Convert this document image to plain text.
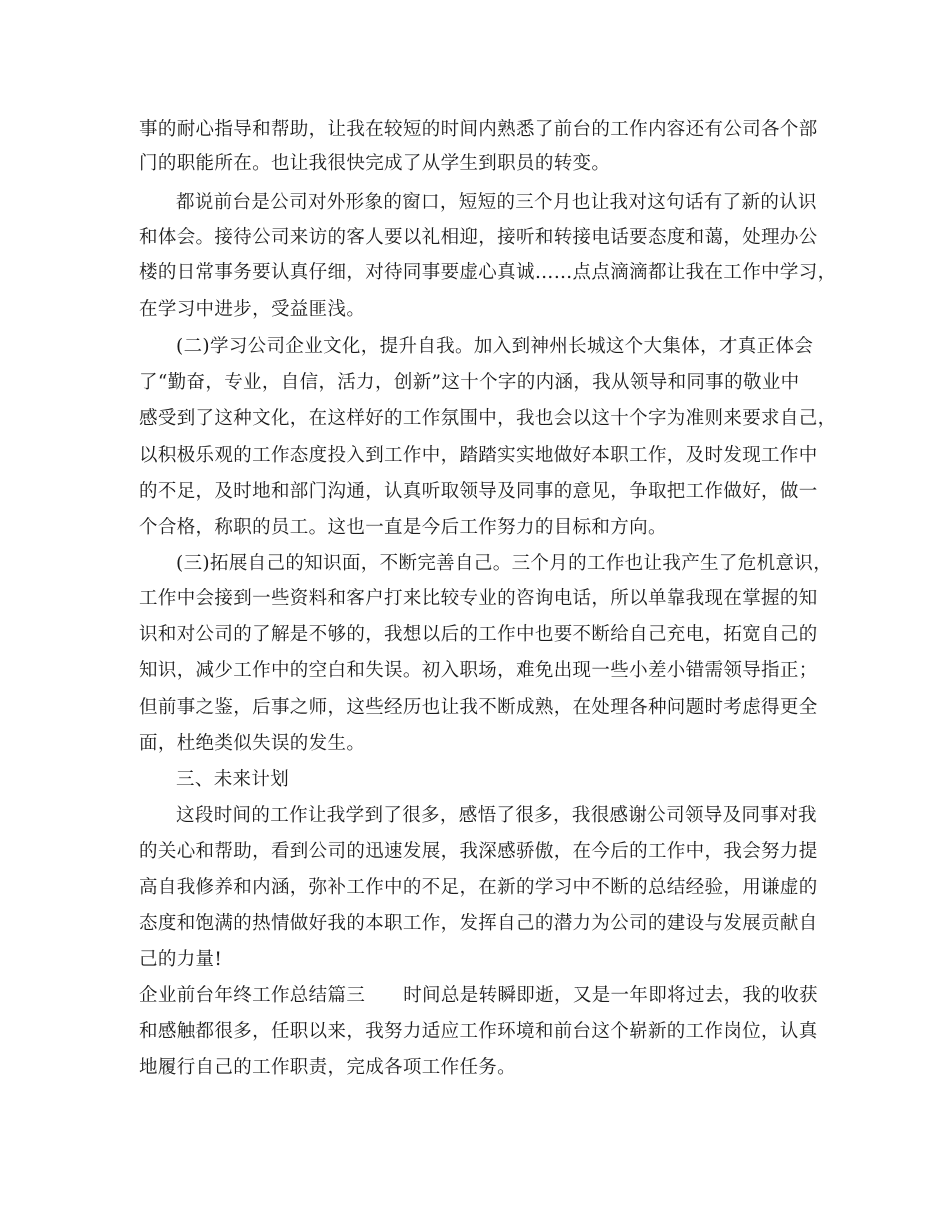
事的耐心指导和帮助，让我在较短的时间内熟悉了前台的工作内容还有公司各个部
门的职能所在。也让我很快完成了从学生到职员的转变。
都说前台是公司对外形象的窗口，短短的三个月也让我对这句话有了新的认识
和体会。接待公司来访的客人要以礼相迎，接听和转接电话要态度和蔼，处理办公
楼的日常事务要认真仔细，对待同事要虚心真诚……点点滴滴都让我在工作中学习，
在学习中进步，受益匪浅。
(二)学习公司企业文化，提升自我。加入到神州长城这个大集体，才真正体会
了“勤奋，专业，自信，活力，创新”这十个字的内涵，我从领导和同事的敬业中
感受到了这种文化，在这样好的工作氛围中，我也会以这十个字为准则来要求自己，
以积极乐观的工作态度投入到工作中，踏踏实实地做好本职工作，及时发现工作中
的不足，及时地和部门沟通，认真听取领导及同事的意见，争取把工作做好，做一
个合格，称职的员工。这也一直是今后工作努力的目标和方向。
(三)拓展自己的知识面，不断完善自己。三个月的工作也让我产生了危机意识，
工作中会接到一些资料和客户打来比较专业的咨询电话，所以单靠我现在掌握的知
识和对公司的了解是不够的，我想以后的工作中也要不断给自己充电，拓宽自己的
知识，减少工作中的空白和失误。初入职场，难免出现一些小差小错需领导指正；
但前事之鉴，后事之师，这些经历也让我不断成熟，在处理各种问题时考虑得更全
面，杜绝类似失误的发生。
三、未来计划
这段时间的工作让我学到了很多，感悟了很多，我很感谢公司领导及同事对我
的关心和帮助，看到公司的迅速发展，我深感骄傲，在今后的工作中，我会努力提
高自我修养和内涵，弥补工作中的不足，在新的学习中不断的总结经验，用谦虚的
态度和饱满的热情做好我的本职工作，发挥自己的潜力为公司的建设与发展贡献自
己的力量!
企业前台年终工作总结篇三 时间总是转瞬即逝，又是一年即将过去，我的收获
和感触都很多，任职以来，我努力适应工作环境和前台这个崭新的工作岗位，认真
地履行自己的工作职责，完成各项工作任务。
